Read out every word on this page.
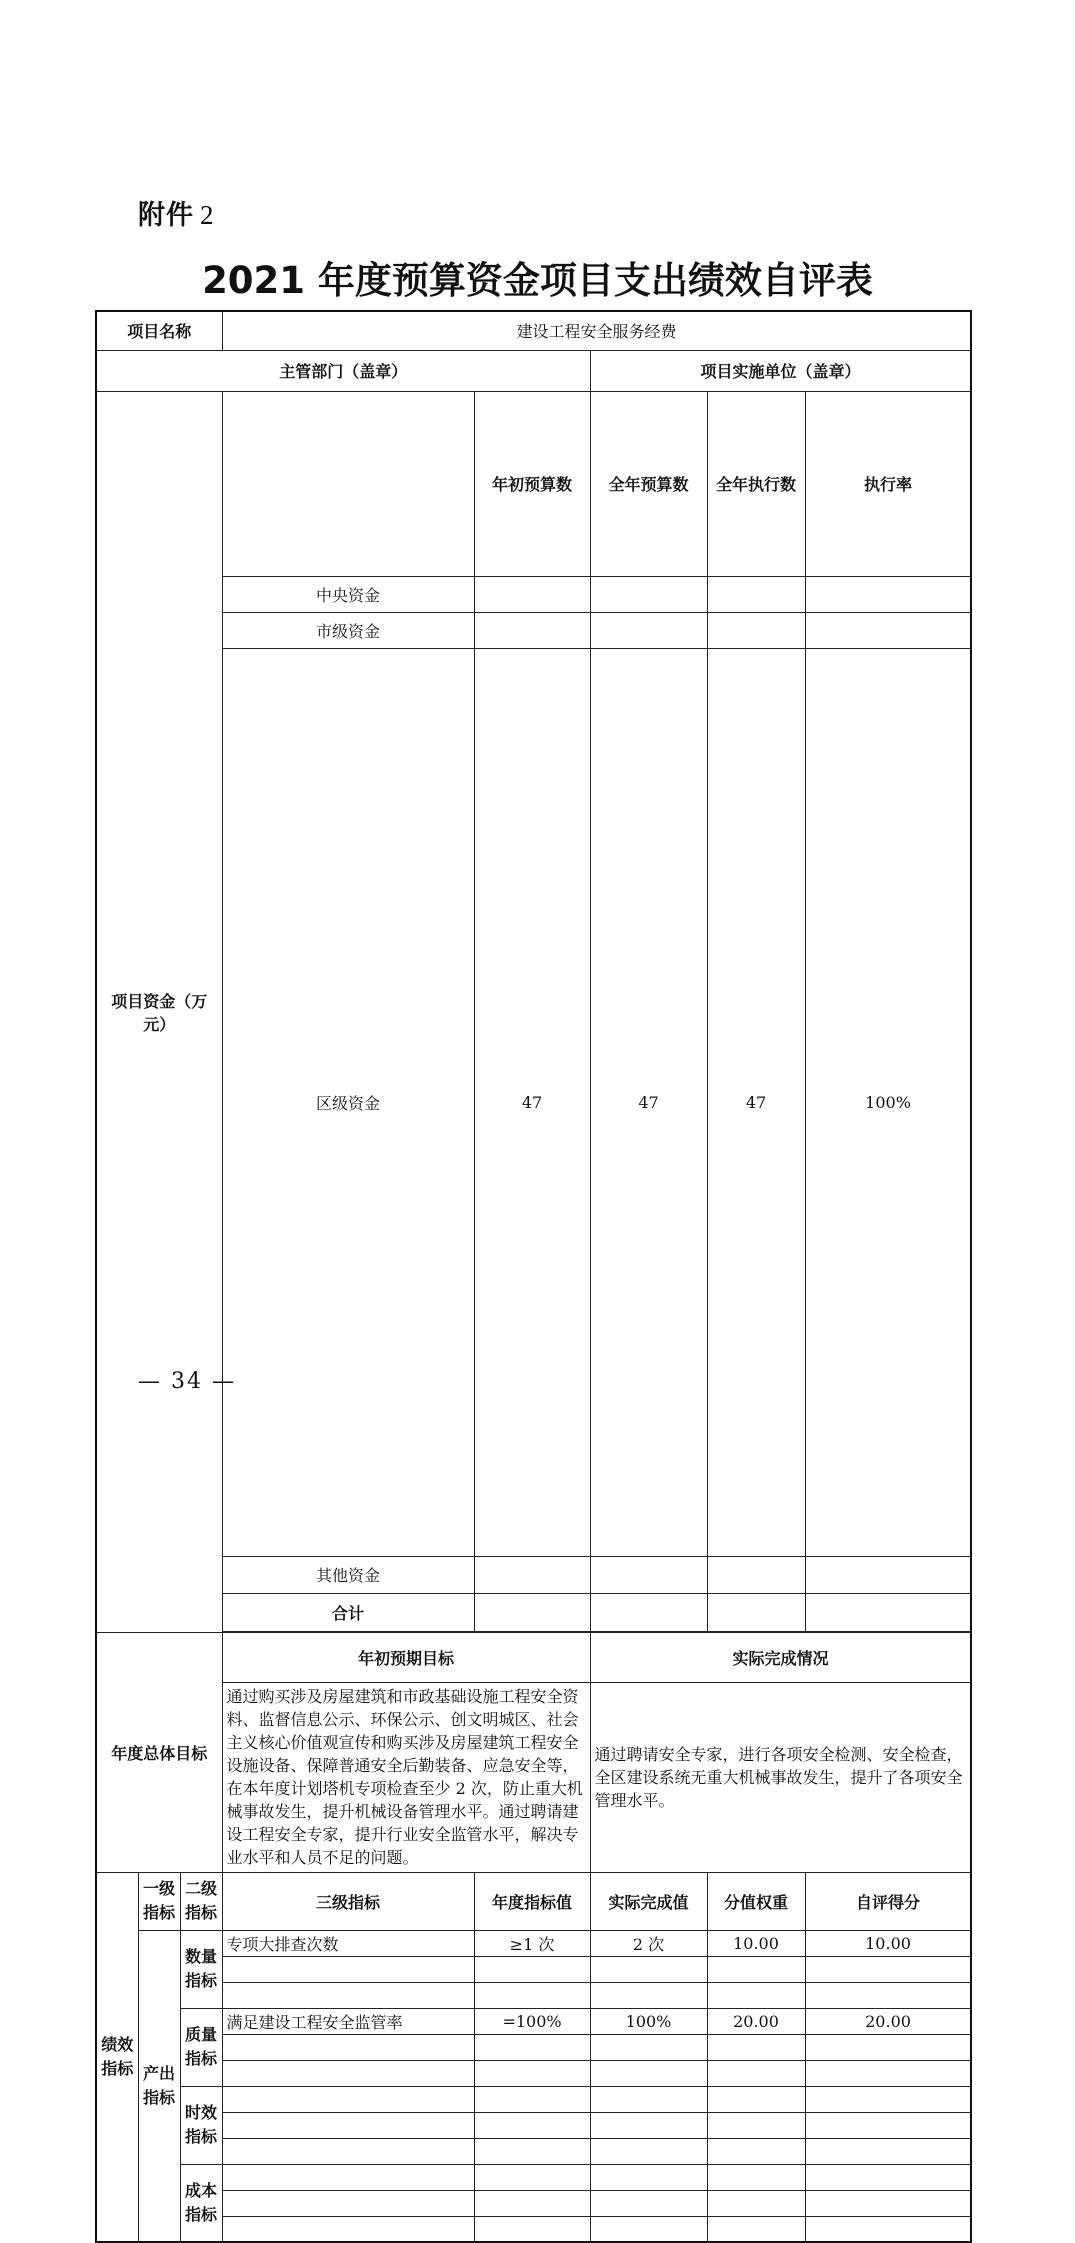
附件 2
2021 年度预算资金项目支出绩效自评表
项目名称			建设工程安全服务经费					
主管部门（盖章）					项目实施单位（盖章）			
项目资金（万元）				年初预算数	全年预算数	全年执行数	执行率	
			中央资金					
			市级资金					
			区级资金	47	47	47	100%	
			其他资金					
			合计					

年度总体目标			年初预期目标		实际完成情况			
			通过购买涉及房屋建筑和市政基础设施工程安全资料、监督信息公示、环保公示、创文明城区、社会主义核心价值观宣传和购买涉及房屋建筑工程安全设施设备、保障普通安全后勤装备、应急安全等，在本年度计划塔机专项检查至少 2 次，防止重大机械事故发生，提升机械设备管理水平。通过聘请建设工程安全专家，提升行业安全监管水平，解决专业水平和人员不足的问题。		通过聘请安全专家，进行各项安全检测、安全检查，全区建设系统无重大机械事故发生，提升了各项安全管理水平。			
绩效指标	一级指标	二级指标	三级指标	年度指标值	实际完成值	分值权重	自评得分	
	产出指标	数量指标	专项大排查次数	≥1 次	2 次	10.00	10.00	

		质量指标	满足建设工程安全监管率	=100%	100%	20.00	20.00	

		时效指标						

		成本指标						

— 34 —
